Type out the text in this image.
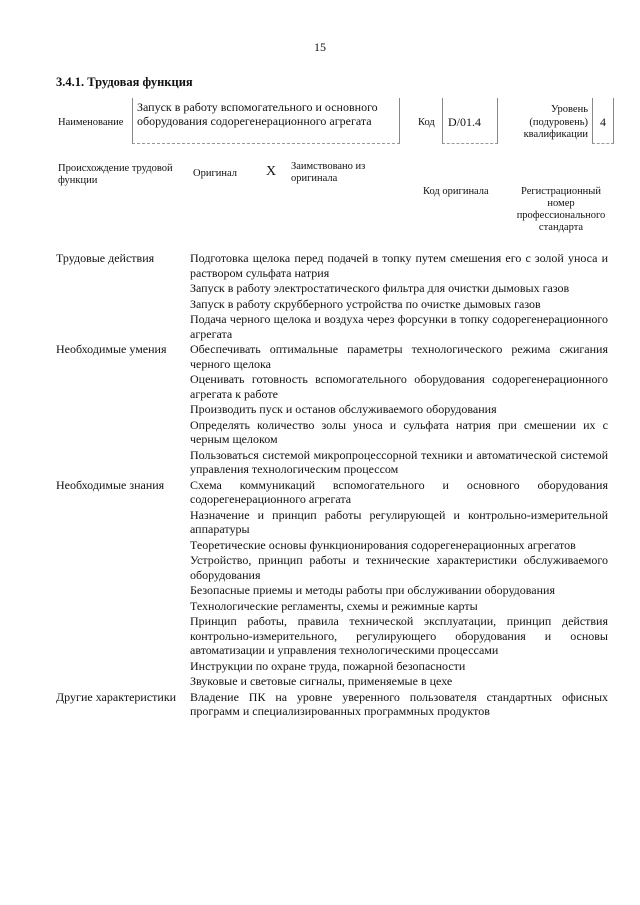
15
3.4.1. Трудовая функция
Наименование
Запуск в работу вспомогательного и основного оборудования содорегенерационного агрегата	Код	D/01.4
Уровень (подуровень) квалификации
4
Происхождение трудовой функции
Оригинал X Заимствовано из оригинала
Код оригинала	Регистрационный номер профессионального стандарта
Трудовые действия	Подготовка щелока перед подачей в топку путем смешения его с золой уноса и раствором сульфата натрия
Запуск в работу электростатического фильтра для очистки дымовых газов
Запуск в работу скрубберного устройства по очистке дымовых газов
Подача черного щелока и воздуха через форсунки в топку содорегенерационного агрегата
Необходимые умения	Обеспечивать оптимальные параметры технологического режима сжигания черного щелока
Оценивать готовность вспомогательного оборудования содорегенерационного агрегата к работе
Производить пуск и останов обслуживаемого оборудования
Определять количество золы уноса и сульфата натрия при смешении их с черным щелоком
Пользоваться системой микропроцессорной техники и автоматической системой управления технологическим процессом
Необходимые знания	Схема коммуникаций вспомогательного и основного оборудования содорегенерационного агрегата
Назначение и принцип работы регулирующей и контрольно-измерительной аппаратуры
Теоретические основы функционирования содорегенерационных агрегатов
Устройство, принцип работы и технические характеристики обслуживаемого оборудования
Безопасные приемы и методы работы при обслуживании оборудования
Технологические регламенты, схемы и режимные карты
Принцип работы, правила технической эксплуатации, принцип действия контрольно-измерительного, регулирующего оборудования и основы автоматизации и управления технологическими процессами
Инструкции по охране труда, пожарной безопасности
Звуковые и световые сигналы, применяемые в цехе
Другие характеристики	Владение ПК на уровне уверенного пользователя стандартных офисных программ и специализированных программных продуктов
